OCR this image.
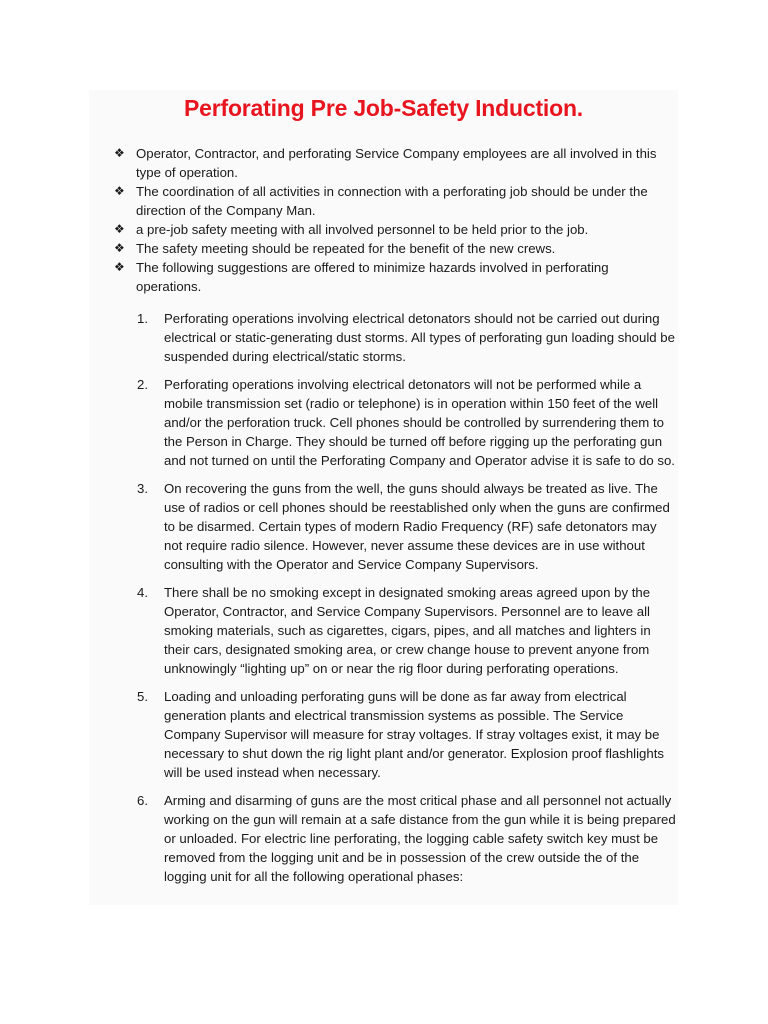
Perforating Pre Job-Safety Induction.
❖ Operator, Contractor, and perforating Service Company employees are all involved in this type of operation.
❖ The coordination of all activities in connection with a perforating job should be under the direction of the Company Man.
❖ a pre-job safety meeting with all involved personnel to be held prior to the job.
❖ The safety meeting should be repeated for the benefit of the new crews.
❖ The following suggestions are offered to minimize hazards involved in perforating operations.
1. Perforating operations involving electrical detonators should not be carried out during electrical or static-generating dust storms. All types of perforating gun loading should be suspended during electrical/static storms.
2. Perforating operations involving electrical detonators will not be performed while a mobile transmission set (radio or telephone) is in operation within 150 feet of the well and/or the perforation truck. Cell phones should be controlled by surrendering them to the Person in Charge. They should be turned off before rigging up the perforating gun and not turned on until the Perforating Company and Operator advise it is safe to do so.
3. On recovering the guns from the well, the guns should always be treated as live. The use of radios or cell phones should be reestablished only when the guns are confirmed to be disarmed. Certain types of modern Radio Frequency (RF) safe detonators may not require radio silence. However, never assume these devices are in use without consulting with the Operator and Service Company Supervisors.
4. There shall be no smoking except in designated smoking areas agreed upon by the Operator, Contractor, and Service Company Supervisors. Personnel are to leave all smoking materials, such as cigarettes, cigars, pipes, and all matches and lighters in their cars, designated smoking area, or crew change house to prevent anyone from unknowingly “lighting up” on or near the rig floor during perforating operations.
5. Loading and unloading perforating guns will be done as far away from electrical generation plants and electrical transmission systems as possible. The Service Company Supervisor will measure for stray voltages. If stray voltages exist, it may be necessary to shut down the rig light plant and/or generator. Explosion proof flashlights will be used instead when necessary.
6. Arming and disarming of guns are the most critical phase and all personnel not actually working on the gun will remain at a safe distance from the gun while it is being prepared or unloaded. For electric line perforating, the logging cable safety switch key must be removed from the logging unit and be in possession of the crew outside the of the logging unit for all the following operational phases:
